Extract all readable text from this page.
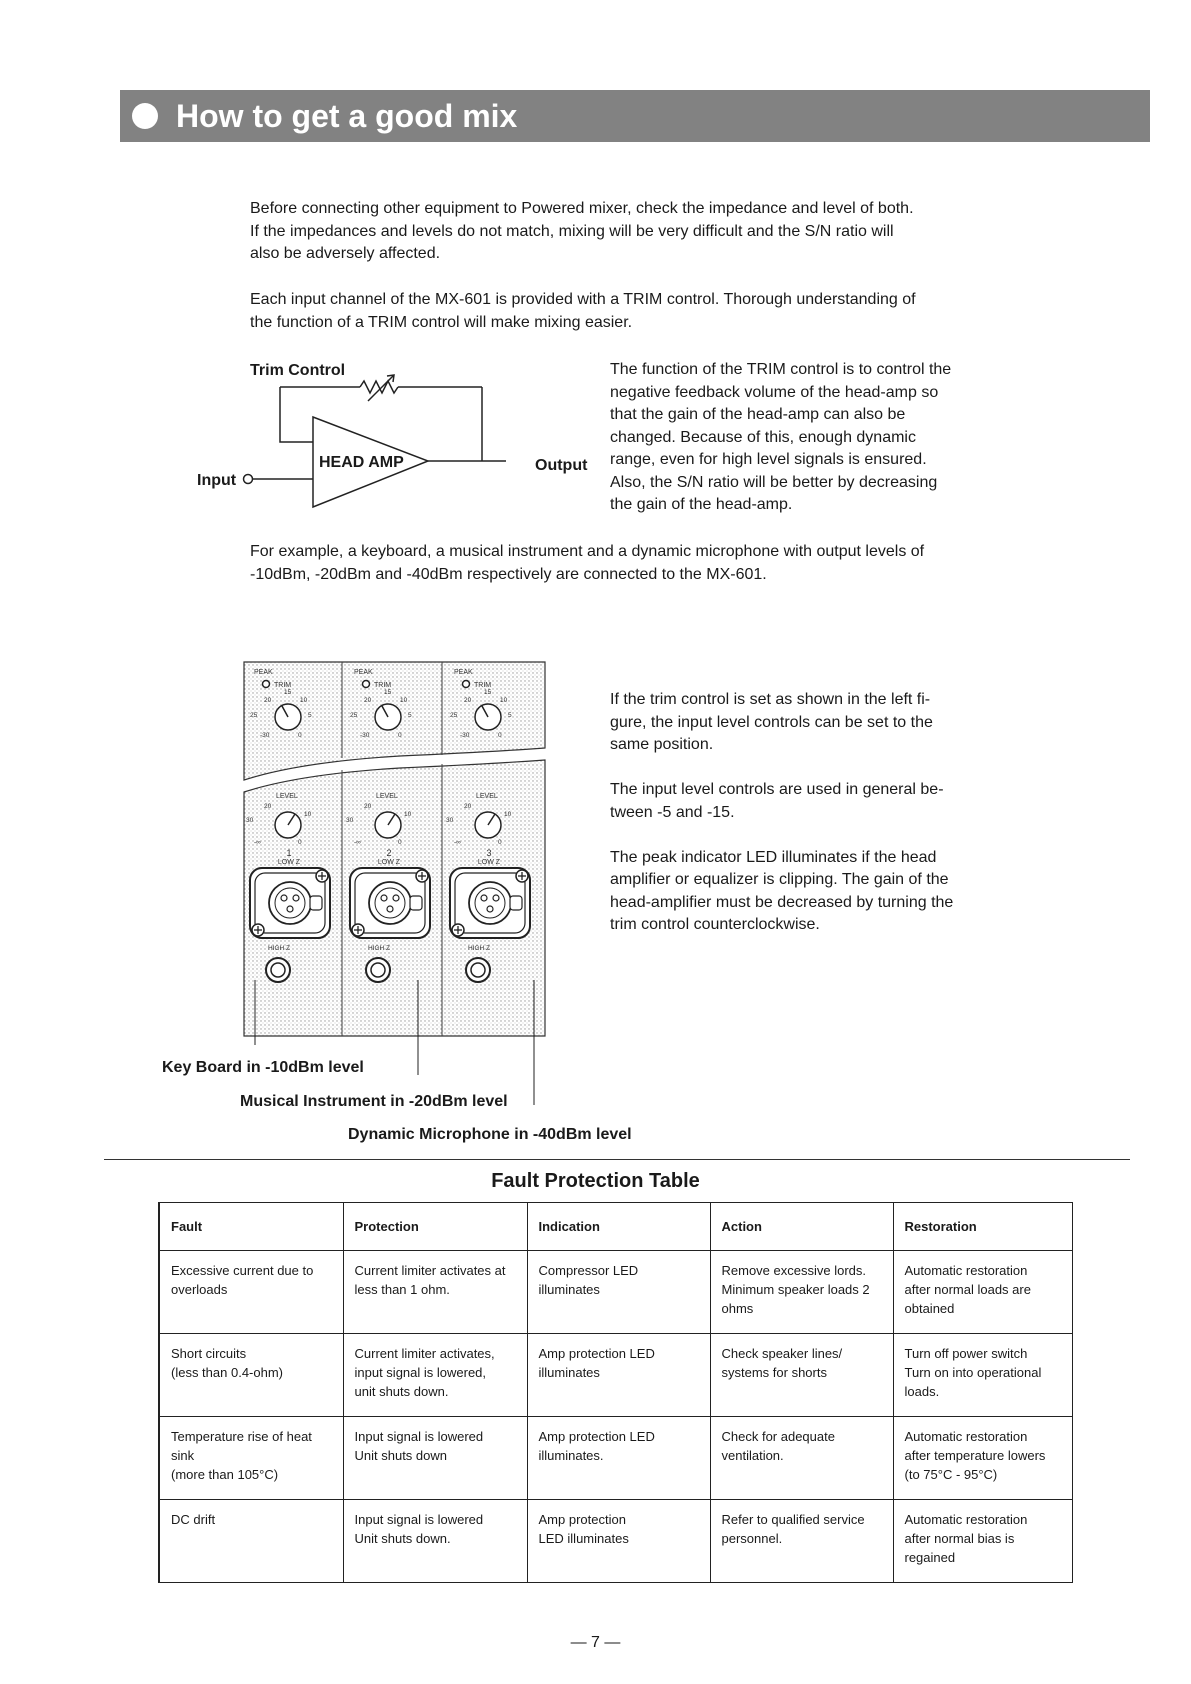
How to get a good mix
Before connecting other equipment to Powered mixer, check the impedance and level of both.
If the impedances and levels do not match, mixing will be very difficult and the S/N ratio will
also be adversely affected.
Each input channel of the MX-601 is provided with a TRIM control. Thorough understanding of
the function of a TRIM control will make mixing easier.
Trim Control
HEAD AMP
Input
Output
The function of the TRIM control is to control the
negative feedback volume of the head-amp so
that the gain of the head-amp can also be
changed. Because of this, enough dynamic
range, even for high level signals is ensured.
Also, the S/N ratio will be better by decreasing
the gain of the head-amp.
For example, a keyboard, a musical instrument and a dynamic microphone with output levels of
-10dBm, -20dBm and -40dBm respectively are connected to the MX-601.
PEAK
TRIM
15
20	10
25	5
-30	0
LEVEL
20
10
30
-∞	0
1
LOW Z
HIGH Z
PEAK
TRIM
15
20	10
25	5
-30	0
LEVEL
20
10
30
-∞	0
2
LOW Z
HIGH Z
PEAK
TRIM
15
20	10
25	5
-30	0
LEVEL
20
10
30
-∞	0
3
LOW Z
HIGH Z
Key Board in -10dBm level
Musical Instrument in -20dBm level
Dynamic Microphone in -40dBm level
If the trim control is set as shown in the left fi-
gure, the input level controls can be set to the
same position.
The input level controls are used in general be-
tween -5 and -15.
The peak indicator LED illuminates if the head
amplifier or equalizer is clipping. The gain of the
head-amplifier must be decreased by turning the
trim control counterclockwise.
Fault Protection Table
Fault	Protection	Indication	Action	Restoration

Excessive current due to
overloads	Current limiter activates at
less than 1 ohm.	Compressor LED
illuminates	Remove excessive lords.
Minimum speaker loads 2
ohms	Automatic restoration
after normal loads are
obtained

Short circuits
(less than 0.4-ohm)	Current limiter activates,
input signal is lowered,
unit shuts down.	Amp protection LED
illuminates	Check speaker lines/
systems for shorts	Turn off power switch
Turn on into operational
loads.

Temperature rise of heat
sink
(more than 105°C)	Input signal is lowered
Unit shuts down	Amp protection LED
illuminates.	Check for adequate
ventilation.	Automatic restoration
after temperature lowers
(to 75°C - 95°C)

DC drift	Input signal is lowered
Unit shuts down.	Amp protection
LED illuminates	Refer to qualified service
personnel.	Automatic restoration
after normal bias is
regained
— 7 —
